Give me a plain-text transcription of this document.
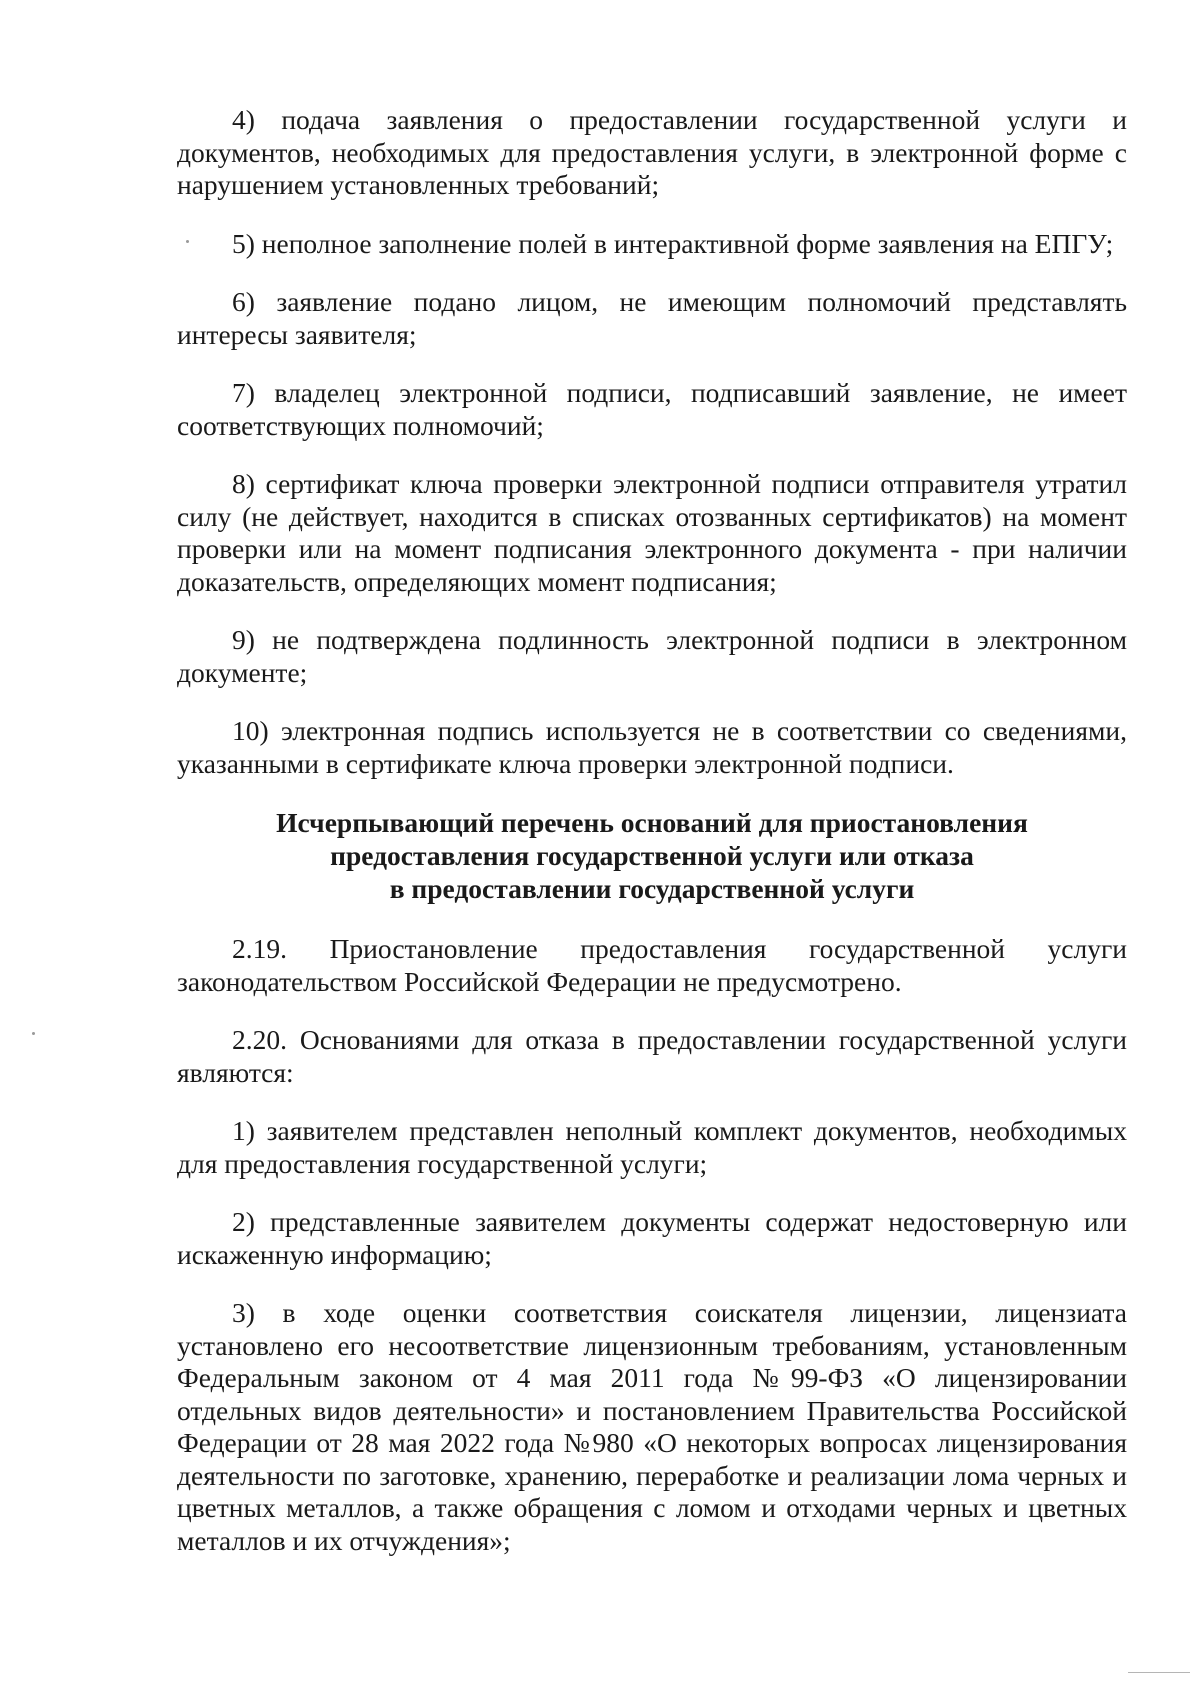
4) подача заявления о предоставлении государственной услуги и документов, необходимых для предоставления услуги, в электронной форме с нарушением установленных требований;

5) неполное заполнение полей в интерактивной форме заявления на ЕПГУ;

6) заявление подано лицом, не имеющим полномочий представлять интересы заявителя;

7) владелец электронной подписи, подписавший заявление, не имеет соответствующих полномочий;

8) сертификат ключа проверки электронной подписи отправителя утратил силу (не действует, находится в списках отозванных сертификатов) на момент проверки или на момент подписания электронного документа - при наличии доказательств, определяющих момент подписания;

9) не подтверждена подлинность электронной подписи в электронном документе;

10) электронная подпись используется не в соответствии со сведениями, указанными в сертификате ключа проверки электронной подписи.

Исчерпывающий перечень оснований для приостановления
предоставления государственной услуги или отказа
в предоставлении государственной услуги

2.19. Приостановление предоставления государственной услуги законодательством Российской Федерации не предусмотрено.

2.20. Основаниями для отказа в предоставлении государственной услуги являются:

1) заявителем представлен неполный комплект документов, необходимых для предоставления государственной услуги;

2) представленные заявителем документы содержат недостоверную или искаженную информацию;

3) в ходе оценки соответствия соискателя лицензии, лицензиата установлено его несоответствие лицензионным требованиям, установленным Федеральным законом от 4 мая 2011 года №99-ФЗ «О лицензировании отдельных видов деятельности» и постановлением Правительства Российской Федерации от 28 мая 2022 года №980 «О некоторых вопросах лицензирования деятельности по заготовке, хранению, переработке и реализации лома черных и цветных металлов, а также обращения с ломом и отходами черных и цветных металлов и их отчуждения»;
